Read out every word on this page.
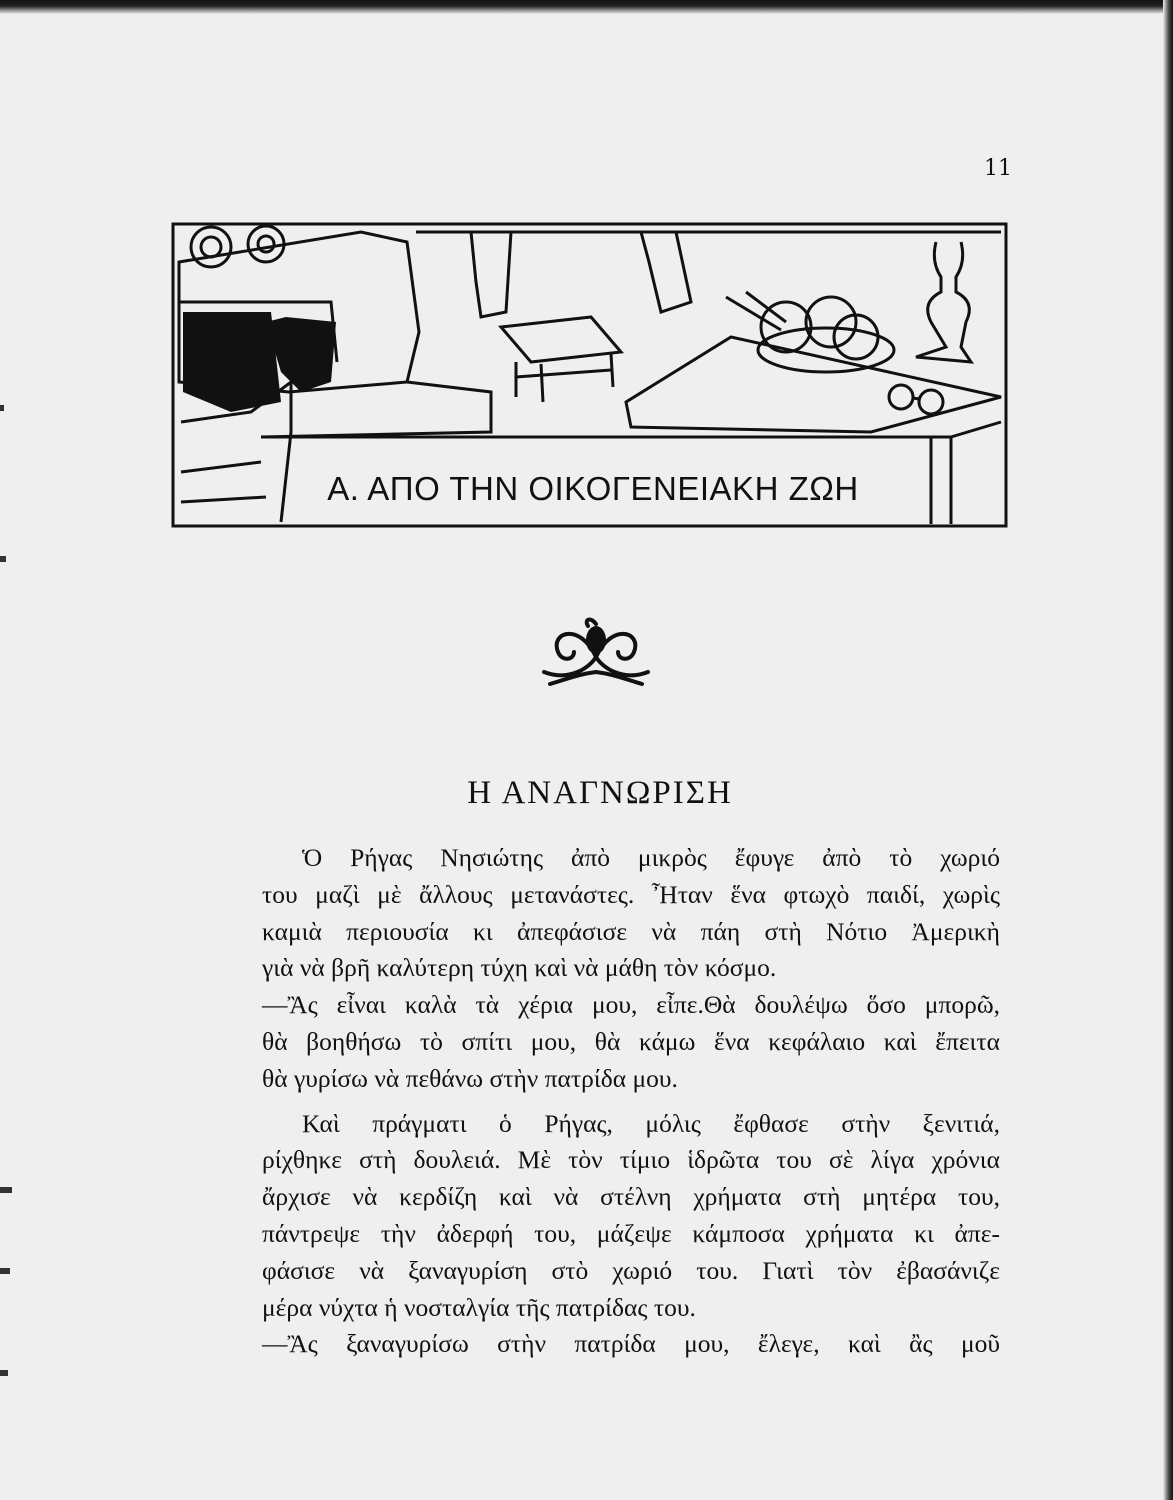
11
Α. ΑΠΟ ΤΗΝ ΟΙΚΟΓΕΝΕΙΑΚΗ ΖΩΗ
Η ΑΝΑΓΝΩΡΙΣΗ
Ὁ Ρήγας Νησιώτης ἀπὸ μικρὸς ἔφυγε ἀπὸ τὸ χωριό
του μαζὶ μὲ ἄλλους μετανάστες. Ἦταν ἕνα φτωχὸ παιδί, χωρὶς
καμιὰ περιουσία κι ἀπεφάσισε νὰ πάη στὴ Νότιο Ἀμερικὴ
γιὰ νὰ βρῆ καλύτερη τύχη καὶ νὰ μάθη τὸν κόσμο.
—Ἂς εἶναι καλὰ τὰ χέρια μου, εἶπε.Θὰ δουλέψω ὅσο μπορῶ,
θὰ βοηθήσω τὸ σπίτι μου, θὰ κάμω ἕνα κεφάλαιο καὶ ἔπειτα
θὰ γυρίσω νὰ πεθάνω στὴν πατρίδα μου.
Καὶ πράγματι ὁ Ρήγας, μόλις ἔφθασε στὴν ξενιτιά,
ρίχθηκε στὴ δουλειά. Μὲ τὸν τίμιο ἱδρῶτα του σὲ λίγα χρόνια
ἄρχισε νὰ κερδίζη καὶ νὰ στέλνη χρήματα στὴ μητέρα του,
πάντρεψε τὴν ἀδερφή του, μάζεψε κάμποσα χρήματα κι ἀπε-
φάσισε νὰ ξαναγυρίση στὸ χωριό του. Γιατὶ τὸν ἐβασάνιζε
μέρα νύχτα ἡ νοσταλγία τῆς πατρίδας του.
—Ἂς ξαναγυρίσω στὴν πατρίδα μου, ἔλεγε, καὶ ἂς μοῦ
